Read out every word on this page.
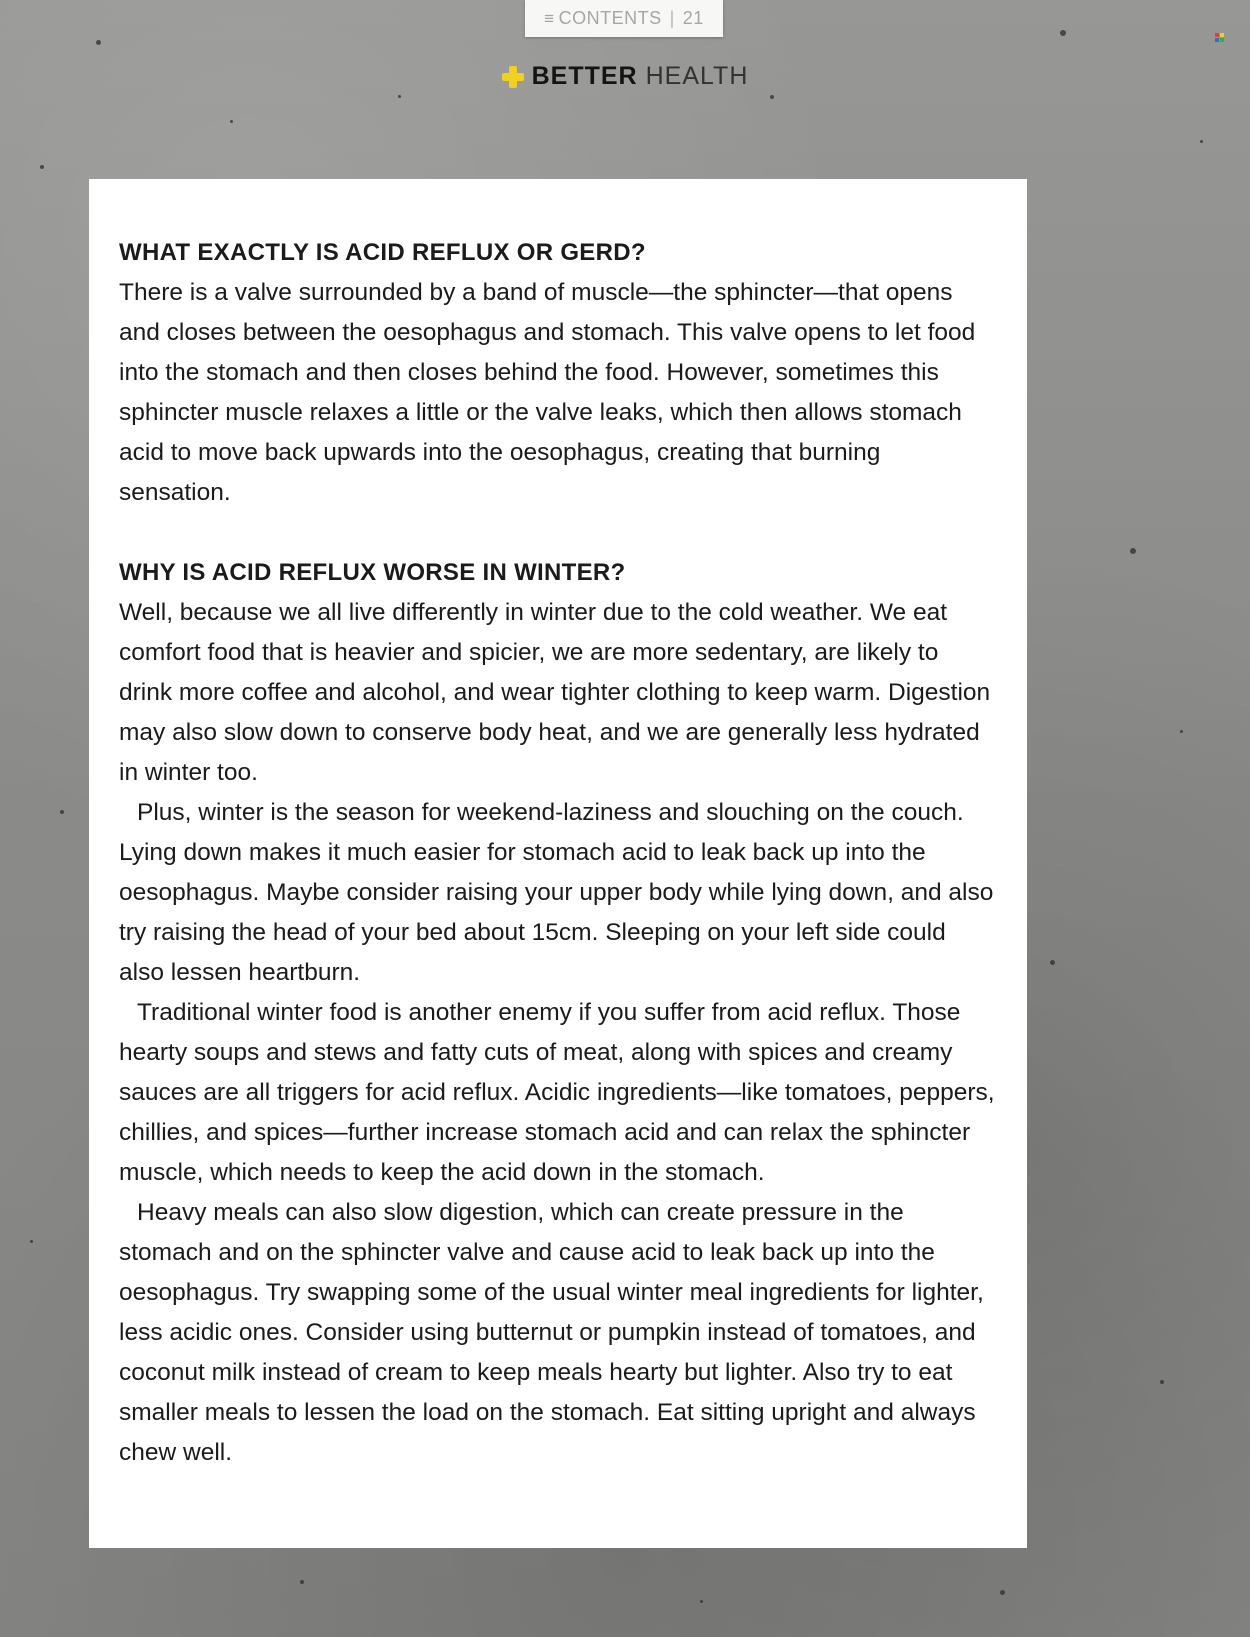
≡ CONTENTS | 21
BETTER HEALTH
WHAT EXACTLY IS ACID REFLUX OR GERD?

There is a valve surrounded by a band of muscle—the sphincter—that opens and closes between the oesophagus and stomach. This valve opens to let food into the stomach and then closes behind the food. However, sometimes this sphincter muscle relaxes a little or the valve leaks, which then allows stomach acid to move back upwards into the oesophagus, creating that burning sensation.

WHY IS ACID REFLUX WORSE IN WINTER?

Well, because we all live differently in winter due to the cold weather. We eat comfort food that is heavier and spicier, we are more sedentary, are likely to drink more coffee and alcohol, and wear tighter clothing to keep warm. Digestion may also slow down to conserve body heat, and we are generally less hydrated in winter too.

Plus, winter is the season for weekend-laziness and slouching on the couch. Lying down makes it much easier for stomach acid to leak back up into the oesophagus. Maybe consider raising your upper body while lying down, and also try raising the head of your bed about 15cm. Sleeping on your left side could also lessen heartburn.

Traditional winter food is another enemy if you suffer from acid reflux. Those hearty soups and stews and fatty cuts of meat, along with spices and creamy sauces are all triggers for acid reflux. Acidic ingredients—like tomatoes, peppers, chillies, and spices—further increase stomach acid and can relax the sphincter muscle, which needs to keep the acid down in the stomach.

Heavy meals can also slow digestion, which can create pressure in the stomach and on the sphincter valve and cause acid to leak back up into the oesophagus. Try swapping some of the usual winter meal ingredients for lighter, less acidic ones. Consider using butternut or pumpkin instead of tomatoes, and coconut milk instead of cream to keep meals hearty but lighter. Also try to eat smaller meals to lessen the load on the stomach. Eat sitting upright and always chew well.
